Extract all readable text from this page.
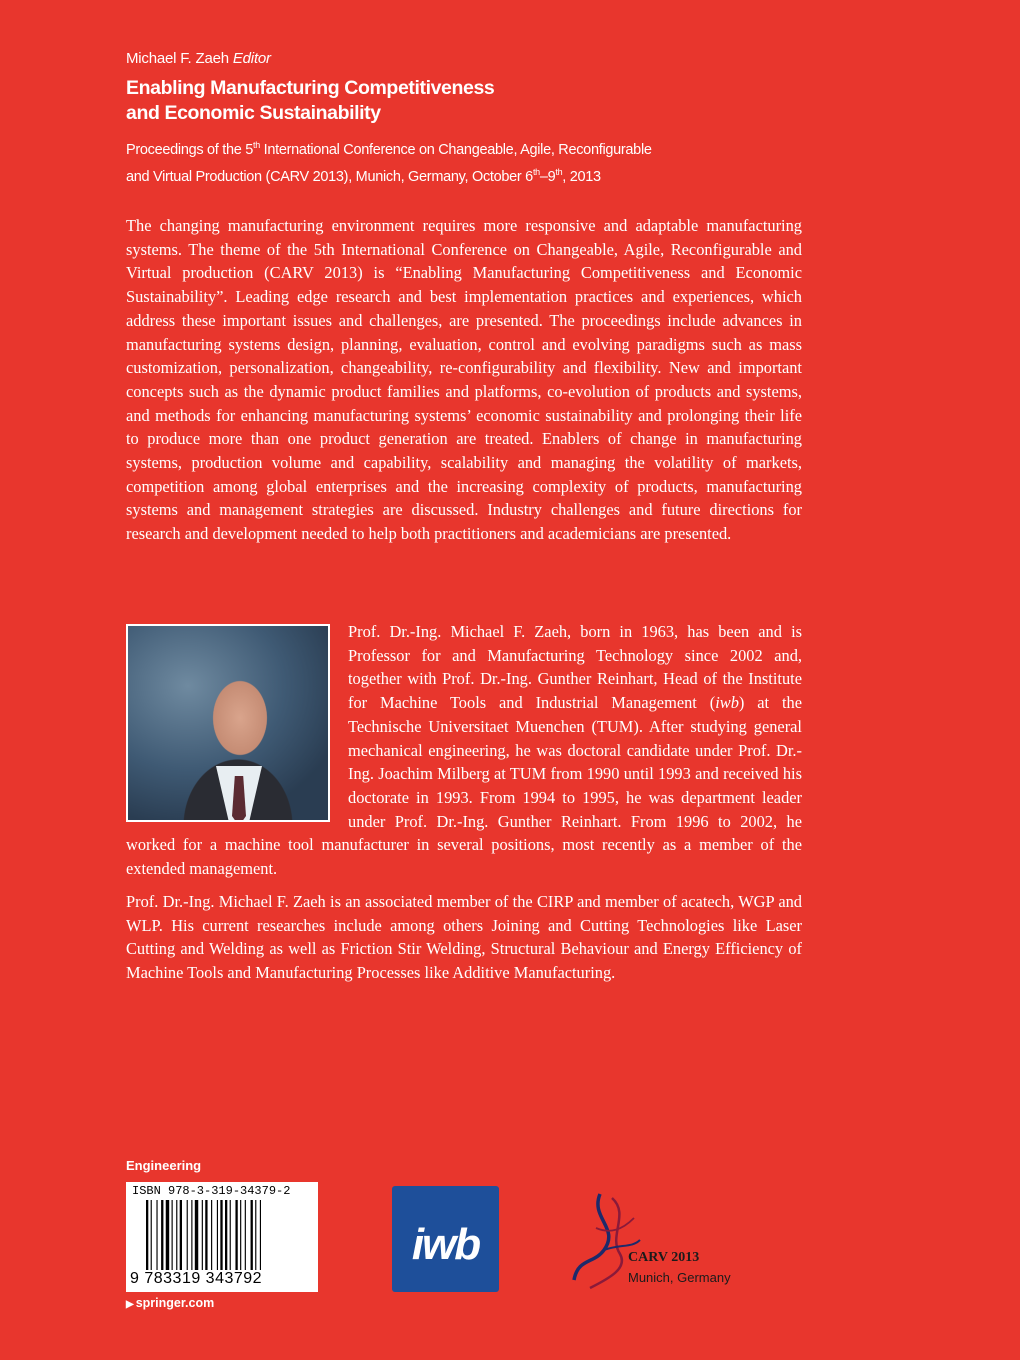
Michael F. Zaeh Editor
Enabling Manufacturing Competitiveness
and Economic Sustainability

Proceedings of the 5th International Conference on Changeable, Agile, Reconfigurable
and Virtual Production (CARV 2013), Munich, Germany, October 6th–9th, 2013

The changing manufacturing environment requires more responsive and adaptable manufacturing systems. The theme of the 5th International Conference on Changeable, Agile, Reconfigurable and Virtual production (CARV 2013) is “Enabling Manufacturing Competitiveness and Economic Sustainability”. Leading edge research and best implementation practices and experiences, which address these important issues and challenges, are presented. The proceedings include advances in manufacturing systems design, planning, evaluation, control and evolving paradigms such as mass customization, personalization, changeability, re-configurability and flexibility. New and important concepts such as the dynamic product families and platforms, co-evolution of products and systems, and methods for enhancing manufacturing systems’ economic sustainability and prolonging their life to produce more than one product generation are treated. Enablers of change in manufacturing systems, production volume and capability, scalability and managing the volatility of markets, competition among global enterprises and the increasing complexity of products, manufacturing systems and management strategies are discussed. Industry challenges and future directions for research and development needed to help both practitioners and academicians are presented.

Prof. Dr.-Ing. Michael F. Zaeh, born in 1963, has been and is Professor for and Manufacturing Technology since 2002 and, together with Prof. Dr.-Ing. Gunther Reinhart, Head of the Institute for Machine Tools and Industrial Management (iwb) at the Technische Universitaet Muenchen (TUM). After studying general mechanical engineering, he was doctoral candidate under Prof. Dr.-Ing. Joachim Milberg at TUM from 1990 until 1993 and received his doctorate in 1993. From 1994 to 1995, he was department leader under Prof. Dr.-Ing. Gunther Reinhart. From 1996 to 2002, he worked for a machine tool manufacturer in several positions, most recently as a member of the extended management.

Prof. Dr.-Ing. Michael F. Zaeh is an associated member of the CIRP and member of acatech, WGP and WLP. His current researches include among others Joining and Cutting Technologies like Laser Cutting and Welding as well as Friction Stir Welding, Structural Behaviour and Energy Efficiency of Machine Tools and Manufacturing Processes like Additive Manufacturing.

Engineering
ISBN 978-3-319-34379-2
9 783319 343792
▶ springer.com
iwb	CARV 2013
Munich, Germany
